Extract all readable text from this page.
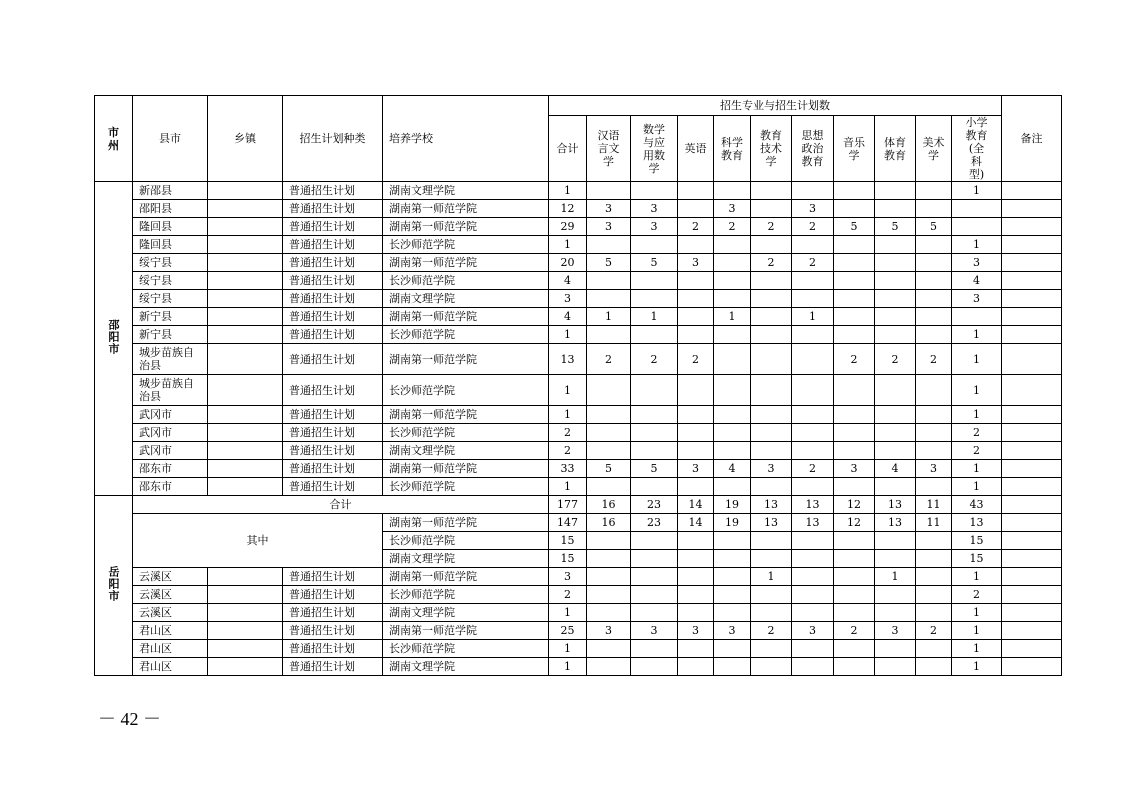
市州	县市	乡镇	招生计划种类	培养学校	招生专业与招生计划数											备注
					合计	汉语言文学	数学与应用数学	英语	科学教育	教育技术学	思想政治教育	音乐学	体育教育	美术学	小学教育(全科型)	
邵阳市	新邵县		普通招生计划	湖南文理学院	1										1	
	邵阳县		普通招生计划	湖南第一师范学院	12	3	3		3		3					
	隆回县		普通招生计划	湖南第一师范学院	29	3	3	2	2	2	2	5	5	5		
	隆回县		普通招生计划	长沙师范学院	1										1	
	绥宁县		普通招生计划	湖南第一师范学院	20	5	5	3		2	2				3	
	绥宁县		普通招生计划	长沙师范学院	4										4	
	绥宁县		普通招生计划	湖南文理学院	3										3	
	新宁县		普通招生计划	湖南第一师范学院	4	1	1		1		1					
	新宁县		普通招生计划	长沙师范学院	1										1	
	城步苗族自治县		普通招生计划	湖南第一师范学院	13	2	2	2				2	2	2	1	
	城步苗族自治县		普通招生计划	长沙师范学院	1										1	
	武冈市		普通招生计划	湖南第一师范学院	1										1	
	武冈市		普通招生计划	长沙师范学院	2										2	
	武冈市		普通招生计划	湖南文理学院	2										2	
	邵东市		普通招生计划	湖南第一师范学院	33	5	5	3	4	3	2	3	4	3	1	
	邵东市		普通招生计划	长沙师范学院	1										1	
岳阳市	合计				177	16	23	14	19	13	13	12	13	11	43	
	其中			湖南第一师范学院	147	16	23	14	19	13	13	12	13	11	13	
				长沙师范学院	15										15	
				湖南文理学院	15										15	
	云溪区		普通招生计划	湖南第一师范学院	3					1			1		1	
	云溪区		普通招生计划	长沙师范学院	2										2	
	云溪区		普通招生计划	湖南文理学院	1										1	
	君山区		普通招生计划	湖南第一师范学院	25	3	3	3	3	2	3	2	3	2	1	
	君山区		普通招生计划	长沙师范学院	1										1	
	君山区		普通招生计划	湖南文理学院	1										1	
－ 42 －
